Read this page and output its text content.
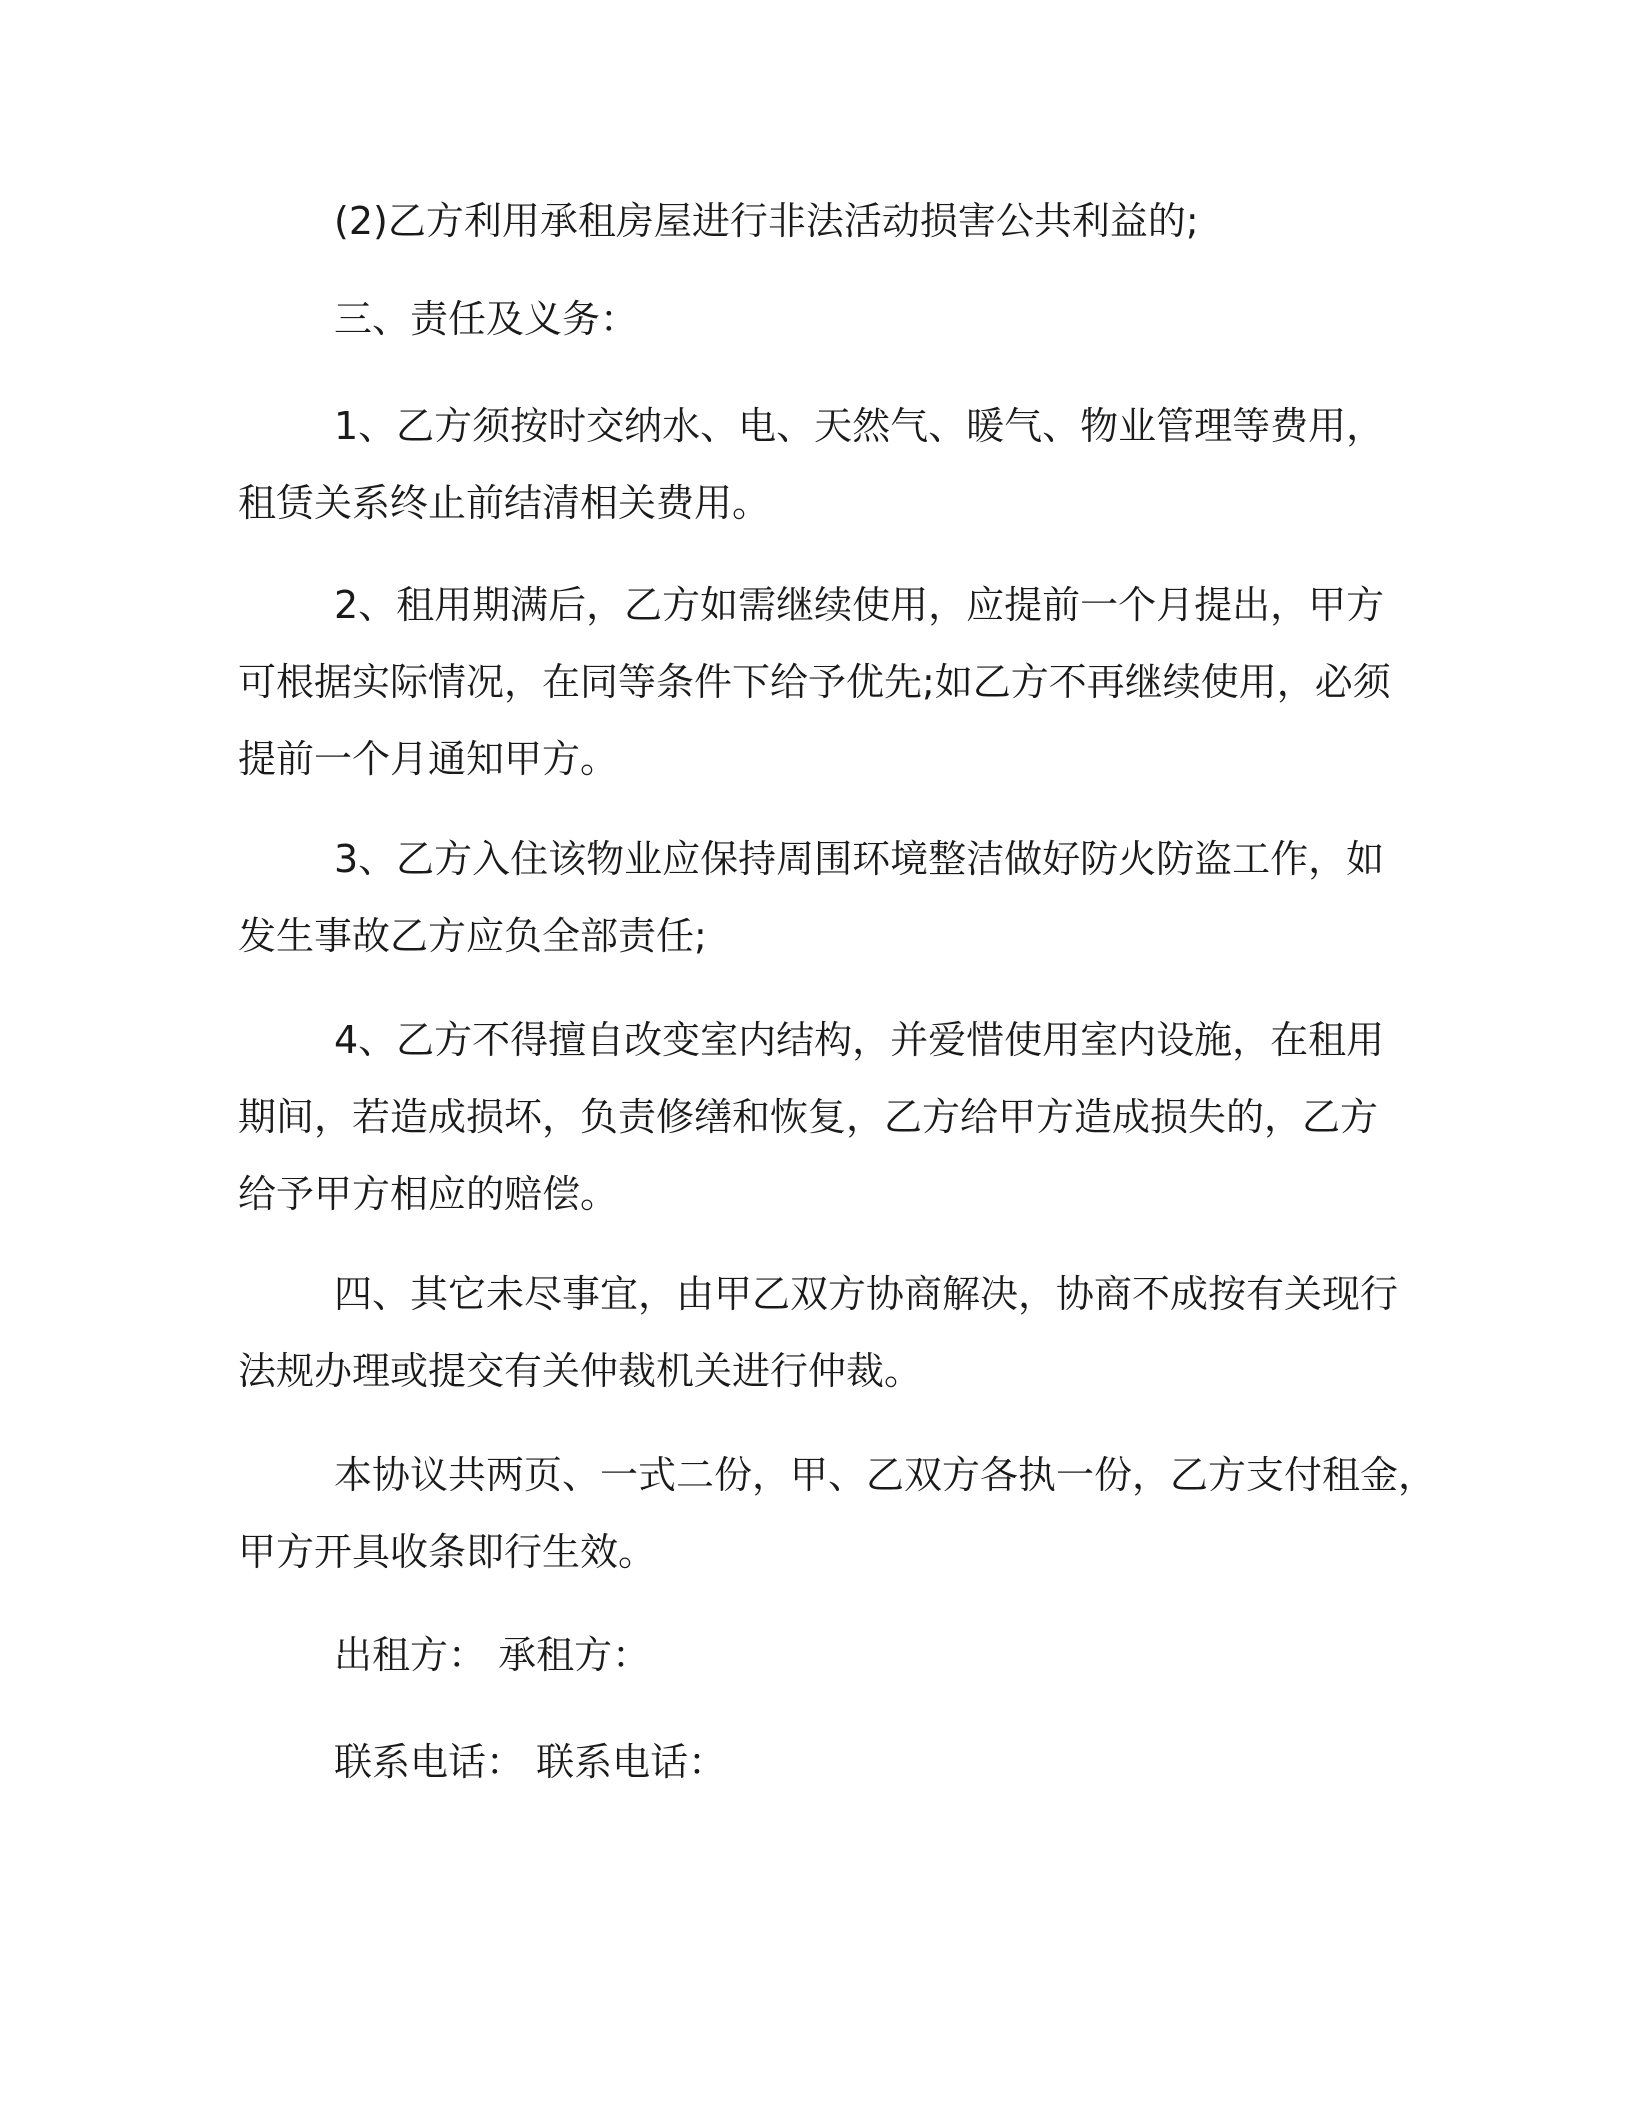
(2)乙方利用承租房屋进行非法活动损害公共利益的;

三、责任及义务：

1、乙方须按时交纳水、电、天然气、暖气、物业管理等费用，
租赁关系终止前结清相关费用。

2、租用期满后，乙方如需继续使用，应提前一个月提出，甲方
可根据实际情况，在同等条件下给予优先;如乙方不再继续使用，必须
提前一个月通知甲方。

3、乙方入住该物业应保持周围环境整洁做好防火防盗工作，如
发生事故乙方应负全部责任;

4、乙方不得擅自改变室内结构，并爱惜使用室内设施，在租用
期间，若造成损坏，负责修缮和恢复，乙方给甲方造成损失的，乙方
给予甲方相应的赔偿。

四、其它未尽事宜，由甲乙双方协商解决，协商不成按有关现行
法规办理或提交有关仲裁机关进行仲裁。

本协议共两页、一式二份，甲、乙双方各执一份，乙方支付租金，
甲方开具收条即行生效。

出租方： 承租方：

联系电话： 联系电话：
